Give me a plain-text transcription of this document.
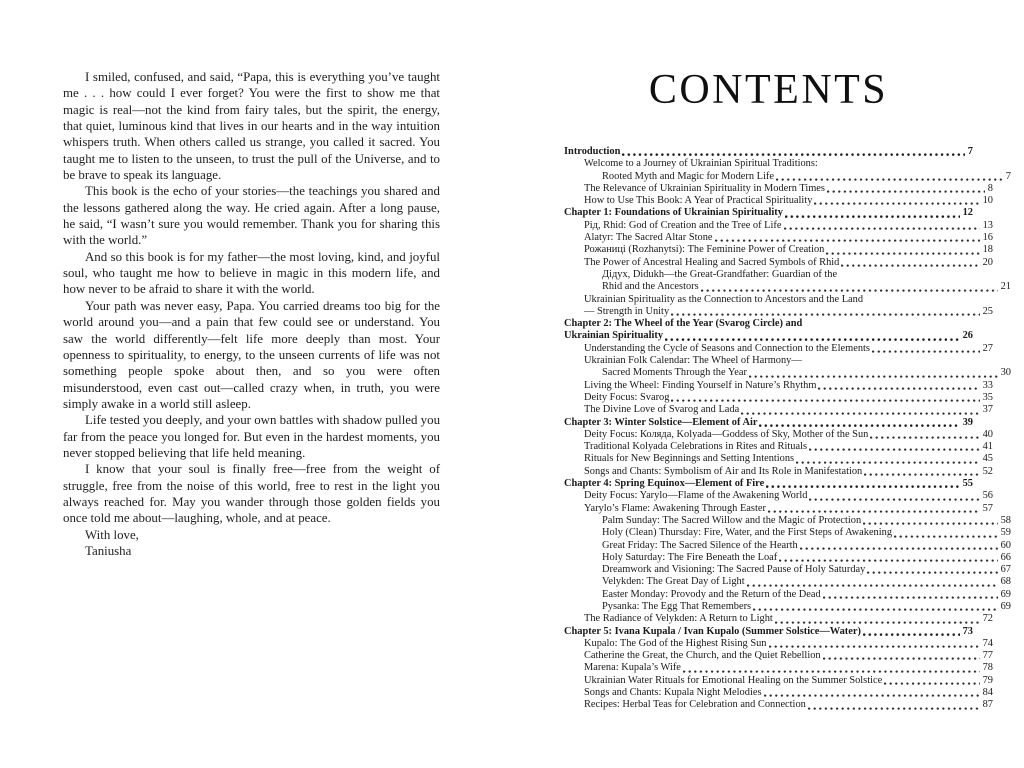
I smiled, confused, and said, “Papa, this is everything you’ve taught me . . . how could I ever forget? You were the first to show me that magic is real—not the kind from fairy tales, but the spirit, the energy, that quiet, luminous kind that lives in our hearts and in the way intuition whispers truth. When others called us strange, you called it sacred. You taught me to listen to the unseen, to trust the pull of the Universe, and to be brave to speak its language.

This book is the echo of your stories—the teachings you shared and the lessons gathered along the way. He cried again. After a long pause, he said, “I wasn’t sure you would remember. Thank you for sharing this with the world.”

And so this book is for my father—the most loving, kind, and joyful soul, who taught me how to believe in magic in this modern life, and how never to be afraid to share it with the world.

Your path was never easy, Papa. You carried dreams too big for the world around you—and a pain that few could see or understand. You saw the world differently—felt life more deeply than most. Your openness to spirituality, to energy, to the unseen currents of life was not something people spoke about then, and so you were often misunderstood, even cast out—called crazy when, in truth, you were simply awake in a world still asleep.

Life tested you deeply, and your own battles with shadow pulled you far from the peace you longed for. But even in the hardest moments, you never stopped believing that life held meaning.

I know that your soul is finally free—free from the weight of struggle, free from the noise of this world, free to rest in the light you always reached for. May you wander through those golden fields you once told me about—laughing, whole, and at peace.

With love,

Taniusha

CONTENTS
Introduction	7
Welcome to a Journey of Ukrainian Spiritual Traditions:
Rooted Myth and Magic for Modern Life	7
The Relevance of Ukrainian Spirituality in Modern Times	8
How to Use This Book: A Year of Practical Spirituality	10
Chapter 1: Foundations of Ukrainian Spirituality	12
Рід, Rhid: God of Creation and the Tree of Life	13
Alatyr: The Sacred Altar Stone	16
Рожаниці (Rozhanytsi): The Feminine Power of Creation	18
The Power of Ancestral Healing and Sacred Symbols of Rhid	20
Дідух, Didukh—the Great-Grandfather: Guardian of the
Rhid and the Ancestors	21
Ukrainian Spirituality as the Connection to Ancestors and the Land
— Strength in Unity	25
Chapter 2: The Wheel of the Year (Svarog Circle) and
Ukrainian Spirituality	26
Understanding the Cycle of Seasons and Connection to the Elements	27
Ukrainian Folk Calendar: The Wheel of Harmony—
Sacred Moments Through the Year	30
Living the Wheel: Finding Yourself in Nature’s Rhythm	33
Deity Focus: Svarog	35
The Divine Love of Svarog and Lada	37
Chapter 3: Winter Solstice—Element of Air	39
Deity Focus: Коляда, Kolyada—Goddess of Sky, Mother of the Sun	40
Traditional Kolyada Celebrations in Rites and Rituals	41
Rituals for New Beginnings and Setting Intentions	45
Songs and Chants: Symbolism of Air and Its Role in Manifestation	52
Chapter 4: Spring Equinox—Element of Fire	55
Deity Focus: Yarylo—Flame of the Awakening World	56
Yarylo’s Flame: Awakening Through Easter	57
Palm Sunday: The Sacred Willow and the Magic of Protection	58
Holy (Clean) Thursday: Fire, Water, and the First Steps of Awakening	59
Great Friday: The Sacred Silence of the Hearth	60
Holy Saturday: The Fire Beneath the Loaf	66
Dreamwork and Visioning: The Sacred Pause of Holy Saturday	67
Velykden: The Great Day of Light	68
Easter Monday: Provody and the Return of the Dead	69
Pysanka: The Egg That Remembers	69
The Radiance of Velykden: A Return to Light	72
Chapter 5: Ivana Kupala / Ivan Kupalo (Summer Solstice—Water)	73
Kupalo: The God of the Highest Rising Sun	74
Catherine the Great, the Church, and the Quiet Rebellion	77
Marena: Kupala’s Wife	78
Ukrainian Water Rituals for Emotional Healing on the Summer Solstice	79
Songs and Chants: Kupala Night Melodies	84
Recipes: Herbal Teas for Celebration and Connection	87
